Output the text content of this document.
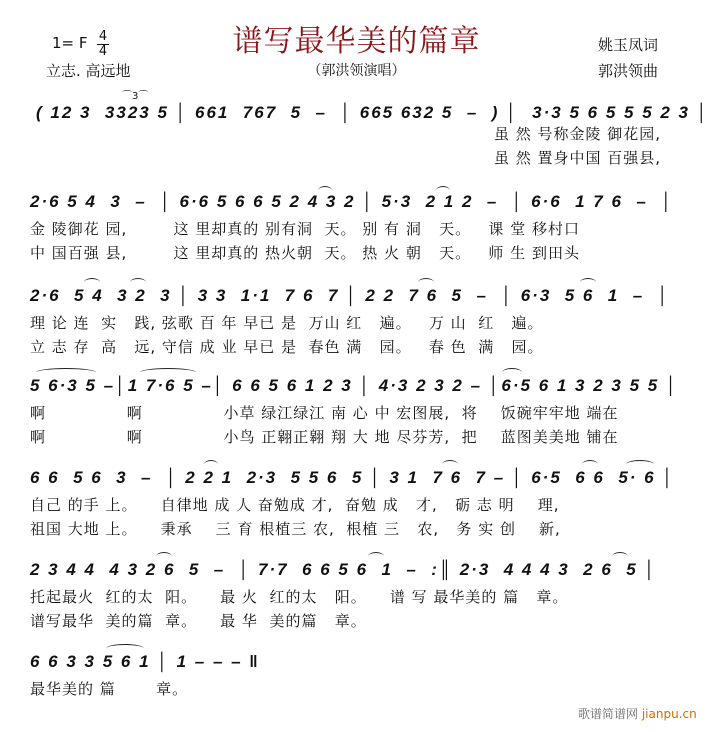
1= F 4
4
立志. 高远地
谱写最华美的篇章
（郭洪领演唱）
姚玉凤词
郭洪领曲
( 12 3  3323 5 │ 661  767  5  –  │ 665 632 5  –  ) │  3·3 5 6 5 5 5 2 3 │
虽 然 号称金陵 御花园,
虽 然 置身中国 百强县,
⌒3⌒
2·6 5 4  3  –  │ 6·6 5 6 6 5 2 4 3 2 │ 5·3  2 1 2  –  │ 6·6  1 7 6  –  │
金 陵御花 园,        这 里却真的 别有洞  天。 别 有 洞   天。   课 堂 移村口
中 国百强 县,        这 里却真的 热火朝  天。 热 火 朝   天。   师 生 到田头
2·6  5 4  3 2  3 │ 3 3  1·1  7 6  7 │ 2 2  7 6  5  –  │ 6·3  5 6  1  –  │
理 论 连  实   践, 弦歌 百 年 早已 是  万山 红   遍。   万 山  红   遍。
立 志 存  高   远, 守信 成 业 早已 是  春色 满   园。   春 色  满   园。
5 6·3 5 –│1 7·6 5 –│ 6 6 5 6 1 2 3 │ 4·3 2 3 2 – │6·5 6 1 3 2 3 5 5 │
啊              啊              小草 绿江绿江 南 心 中 宏图展,  将    饭碗牢牢地 端在
啊              啊              小鸟 正翱正翱 翔 大 地 尽芬芳,  把    蓝图美美地 铺在
6 6  5 6  3  –  │ 2 2 1  2·3  5 5 6  5 │ 3 1  7 6  7 – │ 6·5  6 6  5· 6 │
自己 的手 上。    自律地 成 人 奋勉成 才,  奋勉 成   才,   砺 志 明    理,
祖国 大地 上。    秉承    三 育 根植三 农,  根植 三   农,   务 实 创    新,
2 3 4 4  4 3 2 6  5  –  │ 7·7  6 6 5 6  1  –  :║ 2·3  4 4 4 3  2 6  5 │
托起最火  红的太  阳。    最 火  红的太   阳。    谱 写 最华美的 篇   章。
谱写最华  美的篇  章。    最 华  美的篇   章。
6 6 3 3 5 6 1 │ 1 – – – ‖
最华美的 篇       章。
歌谱简谱网 jianpu.cn
